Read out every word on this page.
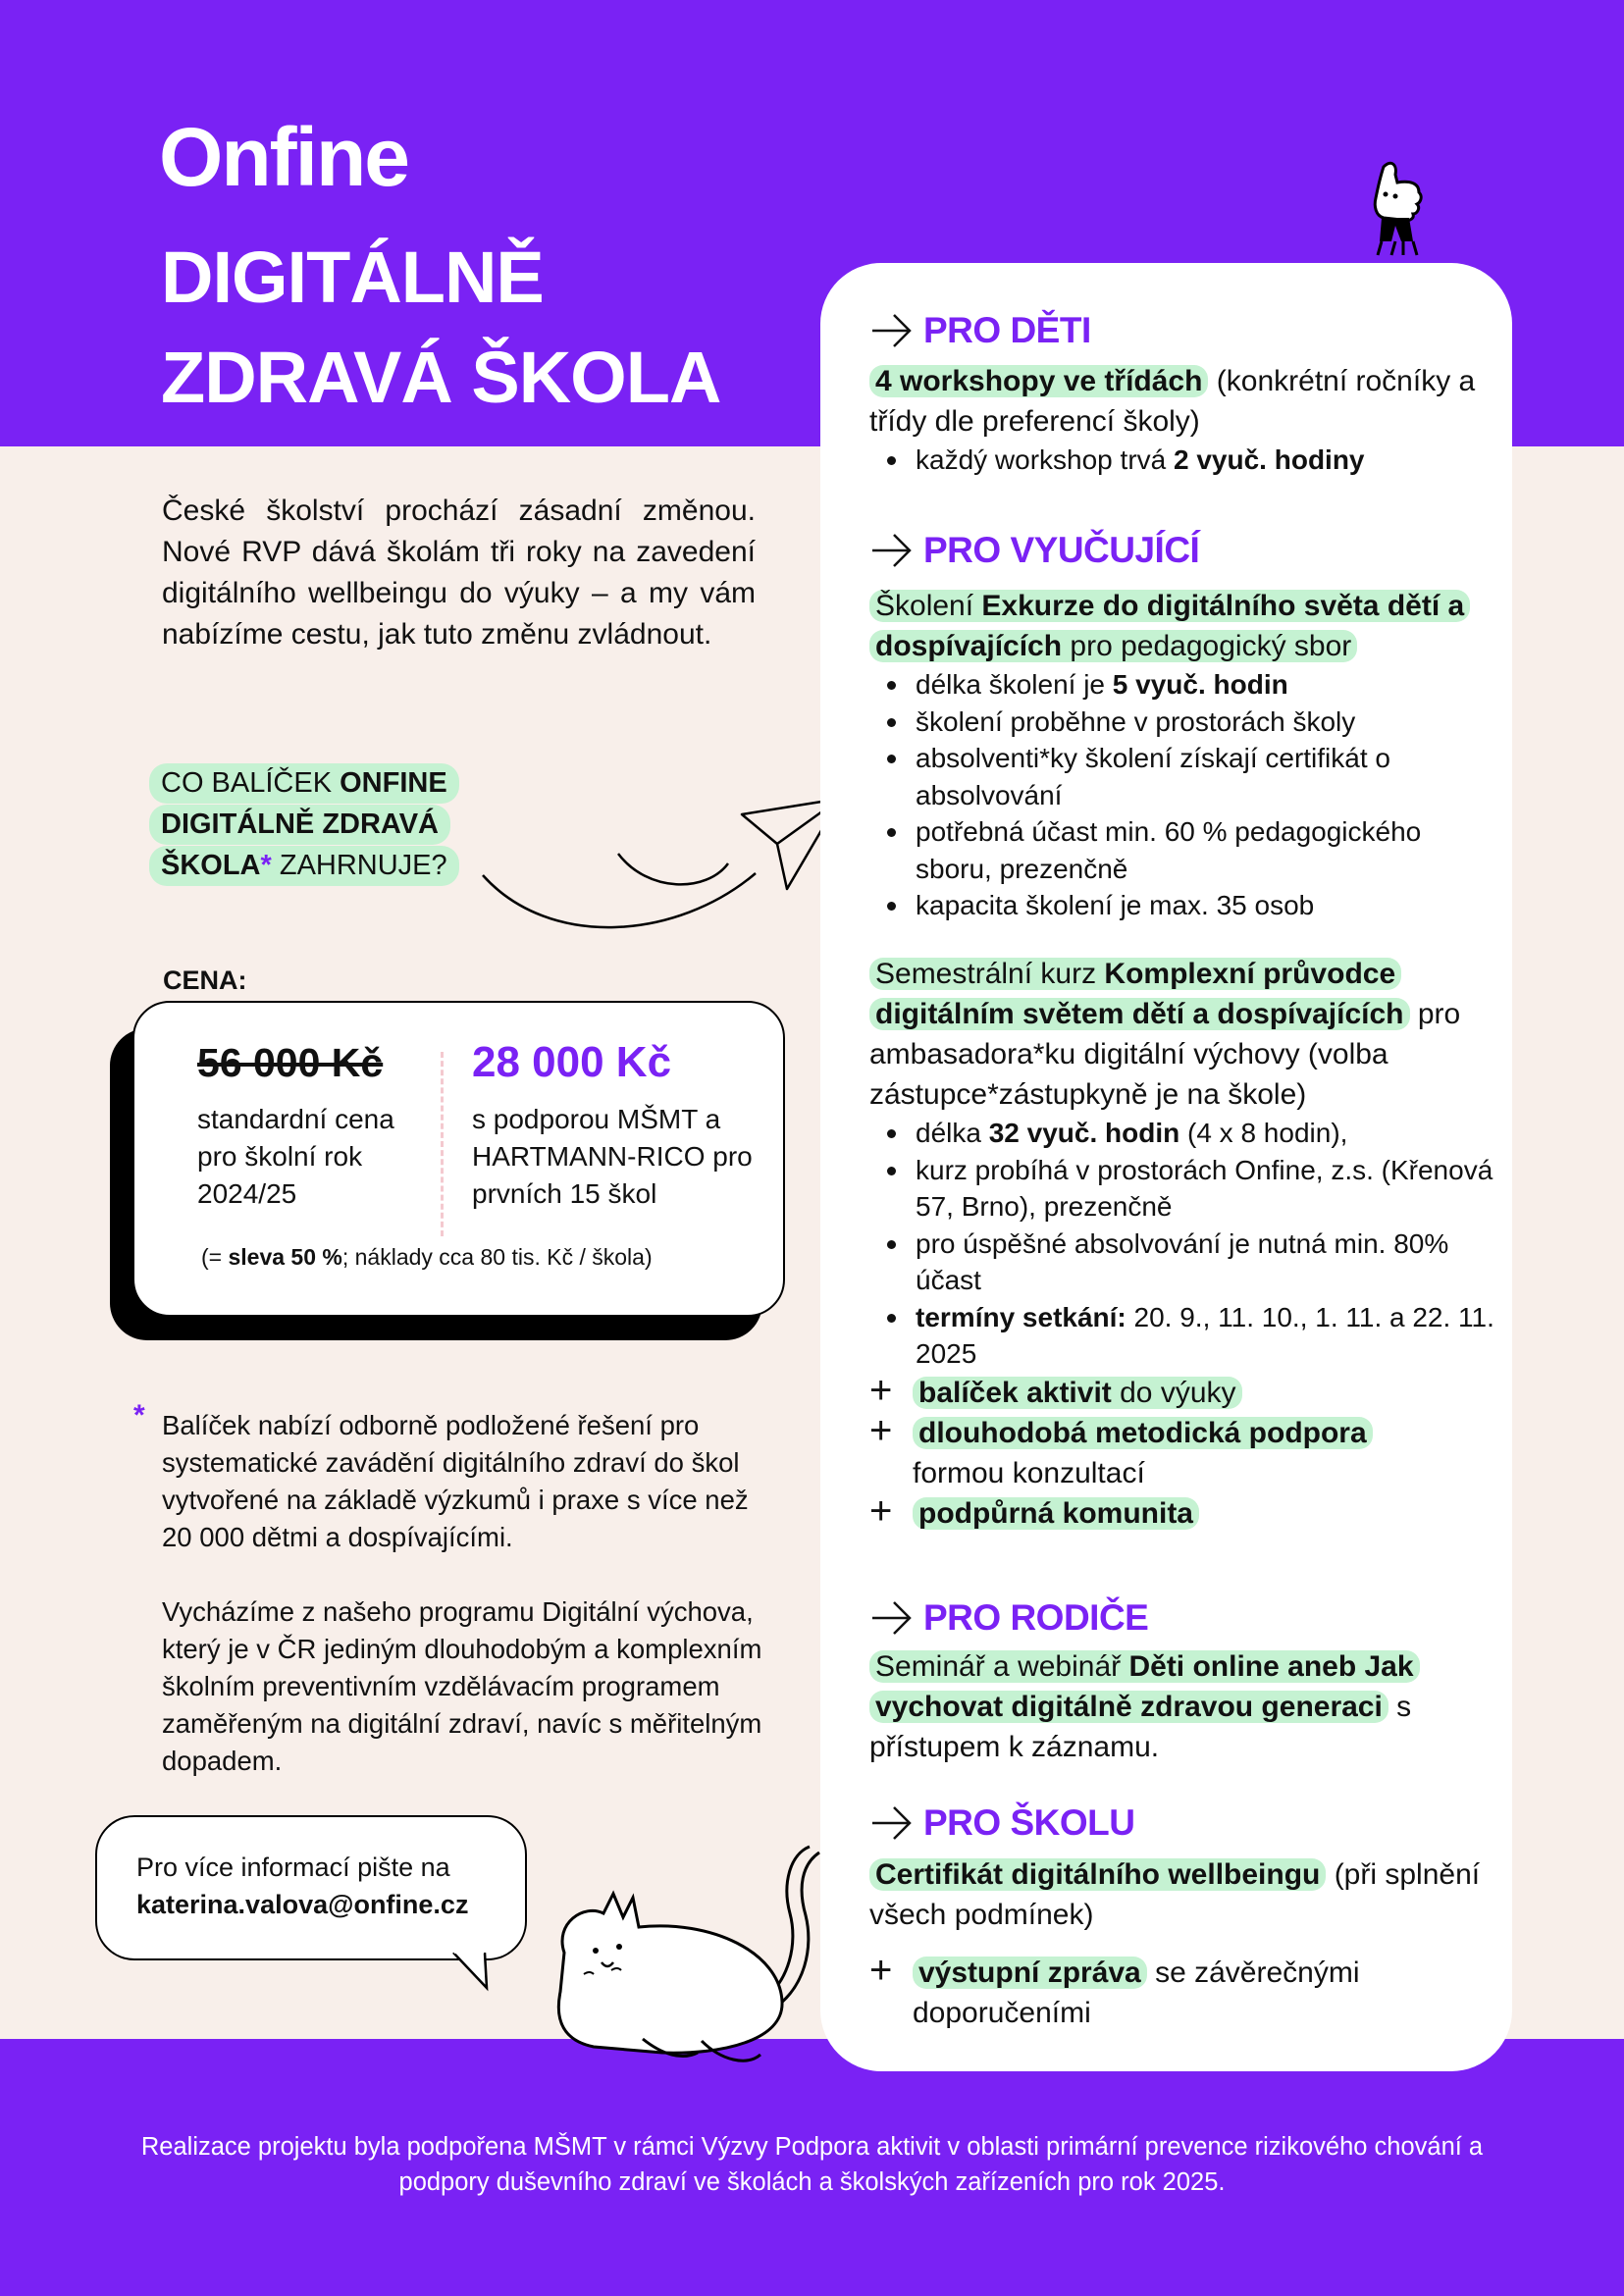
Onfine
DIGITÁLNĚ
ZDRAVÁ ŠKOLA
České školství prochází zásadní změnou. Nové RVP dává školám tři roky na zavedení digitálního wellbeingu do výuky – a my vám nabízíme cestu, jak tuto změnu zvládnout.
CO BALÍČEK ONFINE
DIGITÁLNĚ ZDRAVÁ
ŠKOLA* ZAHRNUJE?
CENA:
56 000 Kč
standardní cena pro školní rok 2024/25
28 000 Kč
s podporou MŠMT a HARTMANN-RICO pro prvních 15 škol
(= sleva 50 %; náklady cca 80 tis. Kč / škola)
* Balíček nabízí odborně podložené řešení pro systematické zavádění digitálního zdraví do škol vytvořené na základě výzkumů i praxe s více než 20 000 dětmi a dospívajícími.

Vycházíme z našeho programu Digitální výchova, který je v ČR jediným dlouhodobým a komplexním školním preventivním vzdělávacím programem zaměřeným na digitální zdraví, navíc s měřitelným dopadem.

Pro více informací pište na
katerina.valova@onfine.cz
PRO DĚTI
4 workshopy ve třídách (konkrétní ročníky a třídy dle preferencí školy)
každý workshop trvá 2 vyuč. hodiny
PRO VYUČUJÍCÍ
Školení Exkurze do digitálního světa dětí a dospívajících pro pedagogický sbor
délka školení je 5 vyuč. hodin
školení proběhne v prostorách školy
absolventi*ky školení získají certifikát o absolvování
potřebná účast min. 60 % pedagogického sboru, prezenčně
kapacita školení je max. 35 osob
Semestrální kurz Komplexní průvodce digitálním světem dětí a dospívajících pro ambasadora*ku digitální výchovy (volba zástupce*zástupkyně je na škole)
délka 32 vyuč. hodin (4 x 8 hodin),
kurz probíhá v prostorách Onfine, z.s. (Křenová 57, Brno), prezenčně
pro úspěšné absolvování je nutná min. 80% účast
termíny setkání: 20. 9., 11. 10., 1. 11. a 22. 11. 2025
+ balíček aktivit do výuky
+ dlouhodobá metodická podpora
formou konzultací
+ podpůrná komunita
PRO RODIČE
Seminář a webinář Děti online aneb Jak vychovat digitálně zdravou generaci s přístupem k záznamu.
PRO ŠKOLU
Certifikát digitálního wellbeingu (při splnění všech podmínek)
+ výstupní zpráva se závěrečnými doporučeními
Realizace projektu byla podpořena MŠMT v rámci Výzvy Podpora aktivit v oblasti primární prevence rizikového chování a podpory duševního zdraví ve školách a školských zařízeních pro rok 2025.
